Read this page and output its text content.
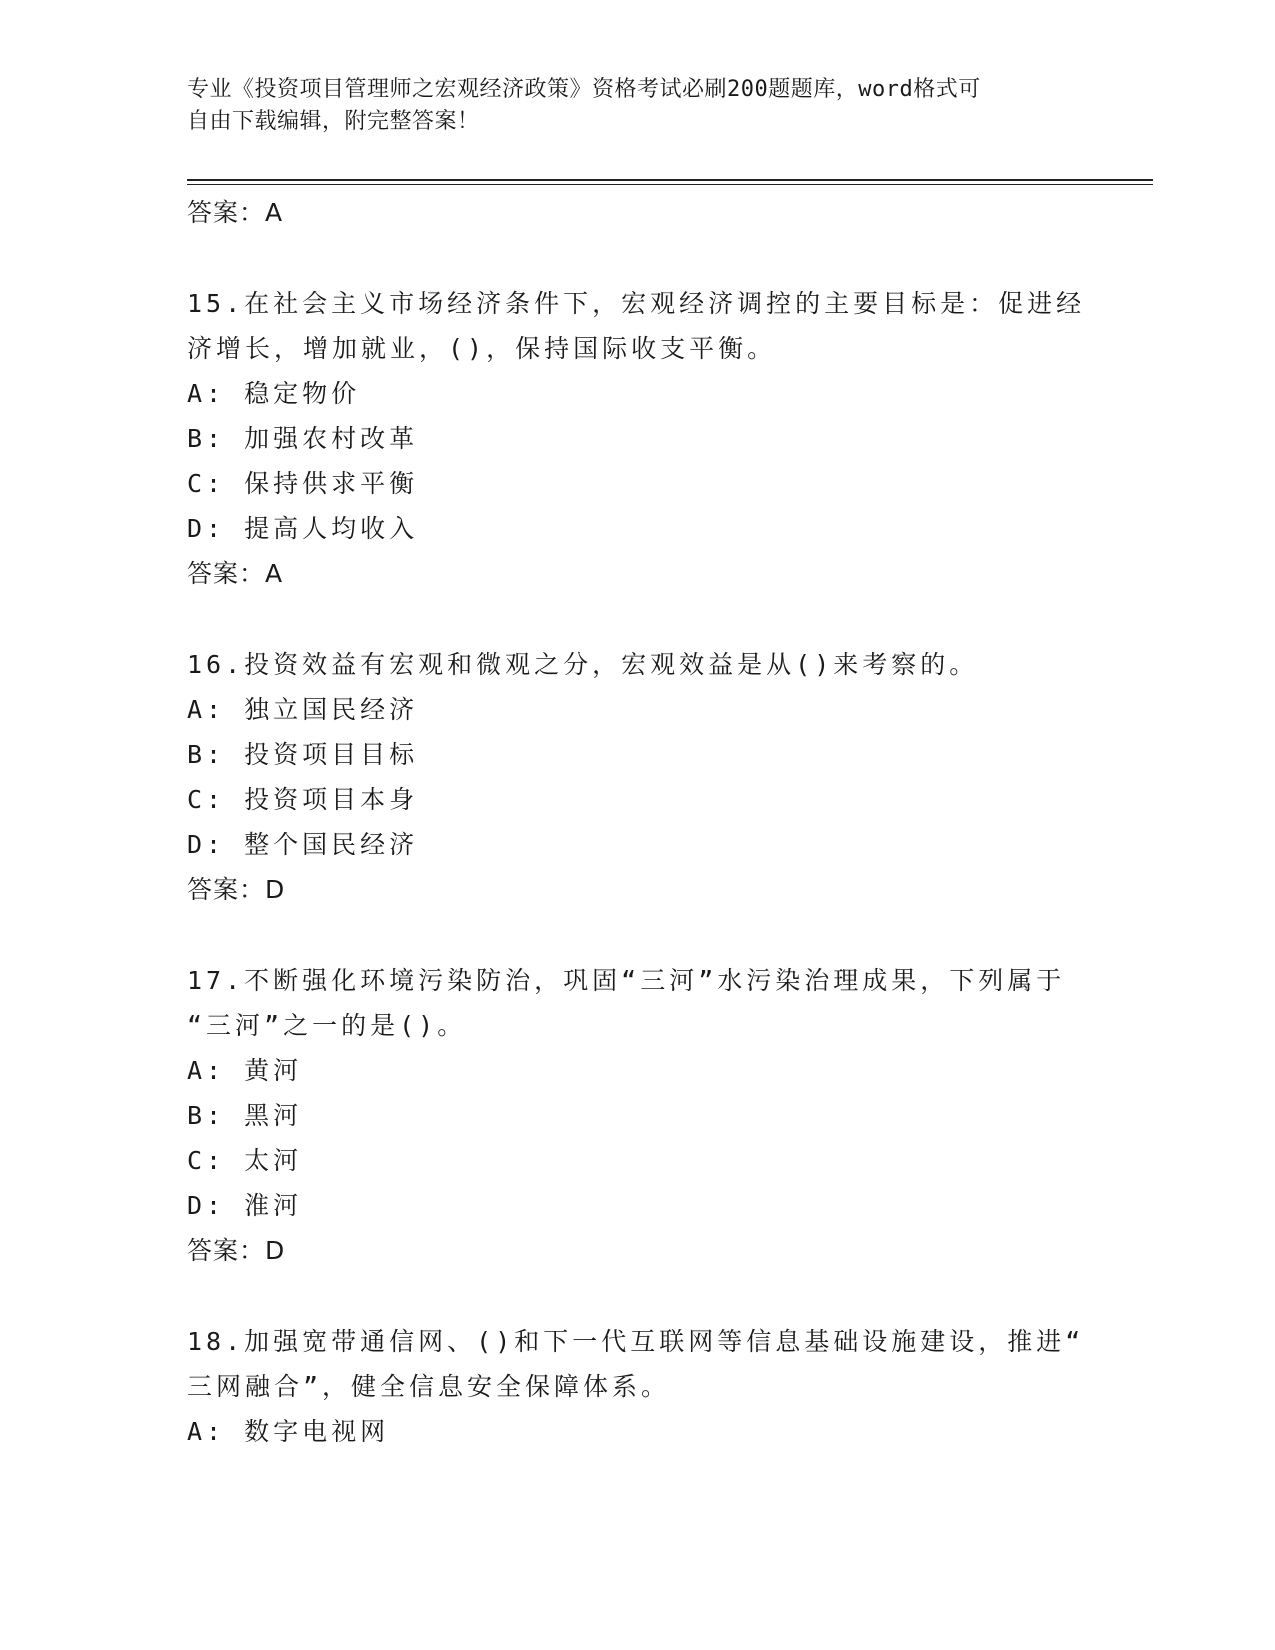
专业《投资项目管理师之宏观经济政策》资格考试必刷200题题库，word格式可
自由下载编辑，附完整答案！
答案：A
15.在社会主义市场经济条件下，宏观经济调控的主要目标是：促进经
济增长，增加就业，()，保持国际收支平衡。
A: 稳定物价
B: 加强农村改革
C: 保持供求平衡
D: 提高人均收入
答案：A
16.投资效益有宏观和微观之分，宏观效益是从()来考察的。
A: 独立国民经济
B: 投资项目目标
C: 投资项目本身
D: 整个国民经济
答案：D
17.不断强化环境污染防治，巩固“三河”水污染治理成果，下列属于
“三河”之一的是()。
A: 黄河
B: 黑河
C: 太河
D: 淮河
答案：D
18.加强宽带通信网、()和下一代互联网等信息基础设施建设，推进“
三网融合”，健全信息安全保障体系。
A: 数字电视网
